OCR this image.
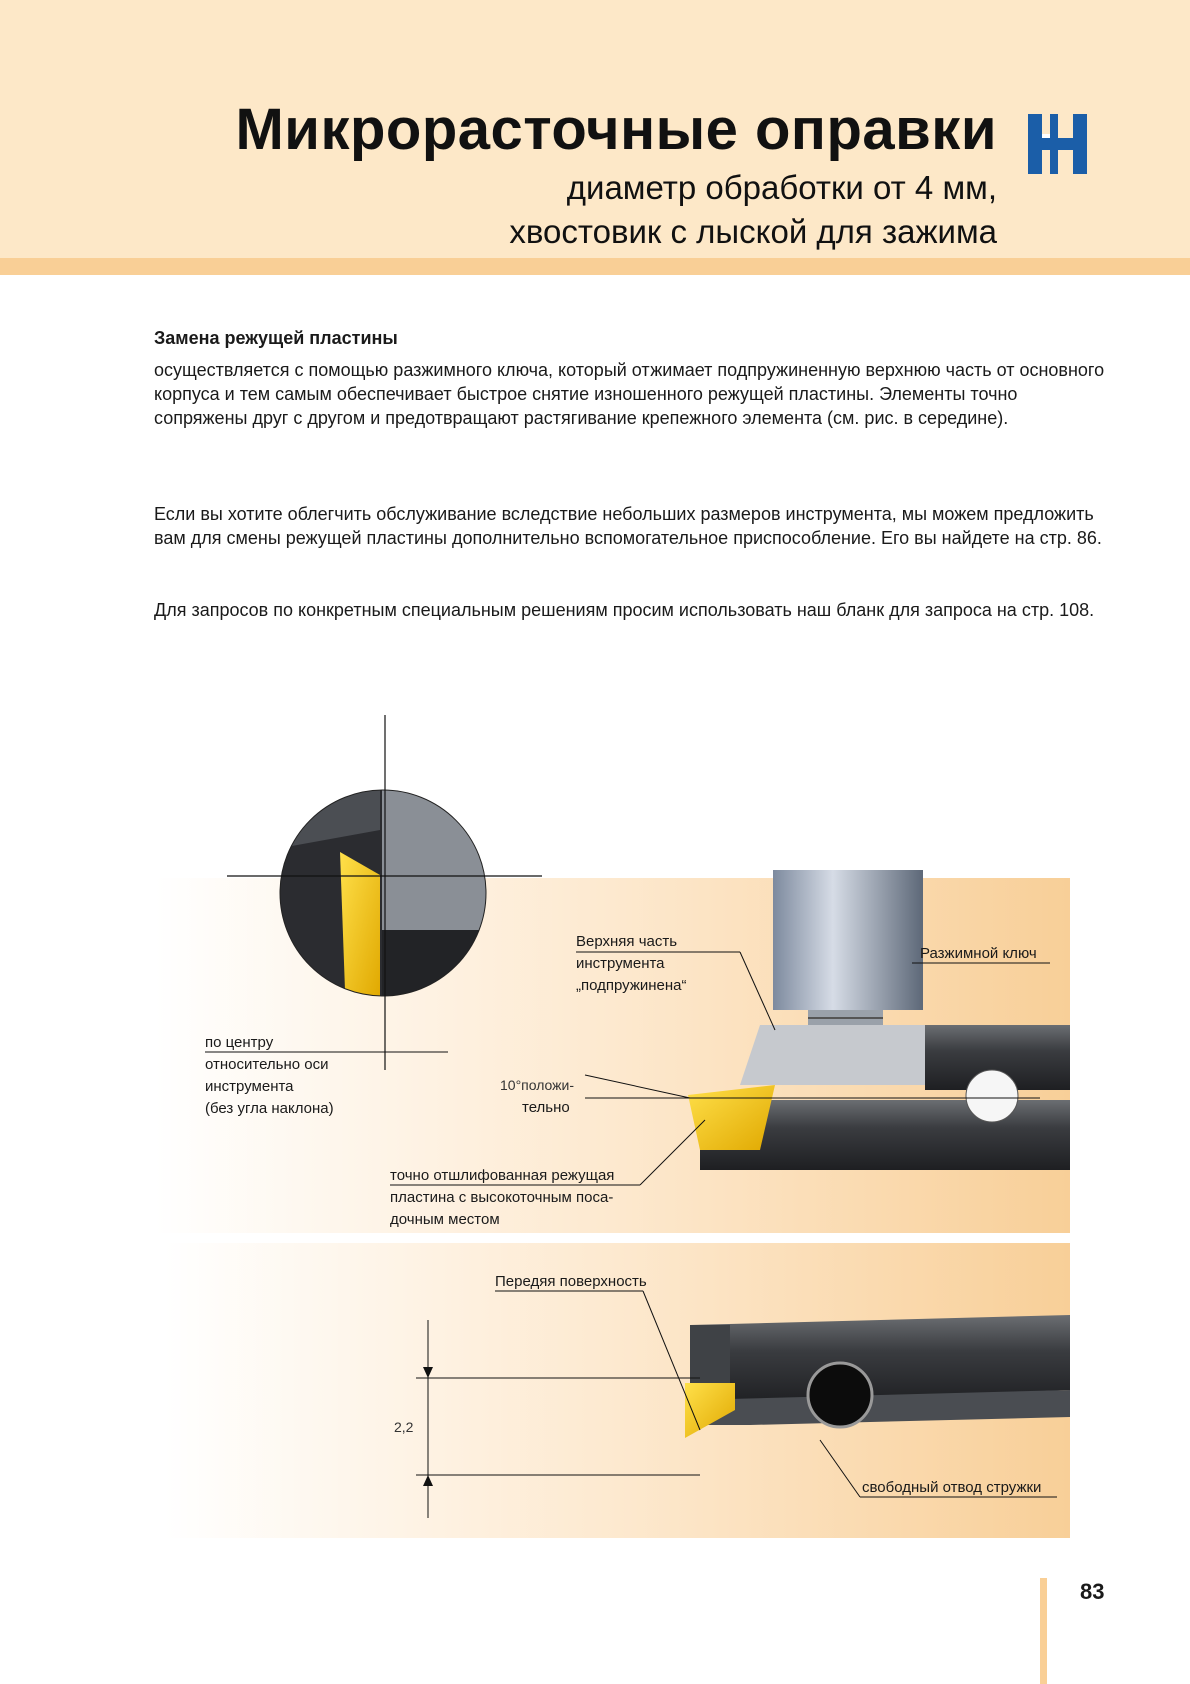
Микрорасточные оправки
диаметр обработки от 4 мм,
хвостовик с лыской для зажима
Замена режущей пластины

осуществляется с помощью разжимного ключа, который отжимает подпружиненную верхнюю часть от основного корпуса и тем самым обеспечивает быстрое снятие изношенного режущей пластины. Элементы точно сопряжены друг с другом и предотвращают растягивание крепежного элемента (см. рис. в середине).

Если вы хотите облегчить обслуживание вследствие небольших размеров инструмента, мы можем предложить вам для смены режущей пластины дополнительно вспомогательное приспособление. Его вы найдете на стр. 86.

Для запросов по конкретным специальным решениям просим использовать наш бланк для запроса на стр. 108.

Верхняя часть
инструмента
„подпружинена“
Разжимной ключ
по центру
относительно оси
инструмента
(без угла наклона)
10°положи-
тельно
точно отшлифованная режущая
пластина с высокоточным поса-
дочным местом
Передяя поверхность
2,2
свободный отвод стружки
83
